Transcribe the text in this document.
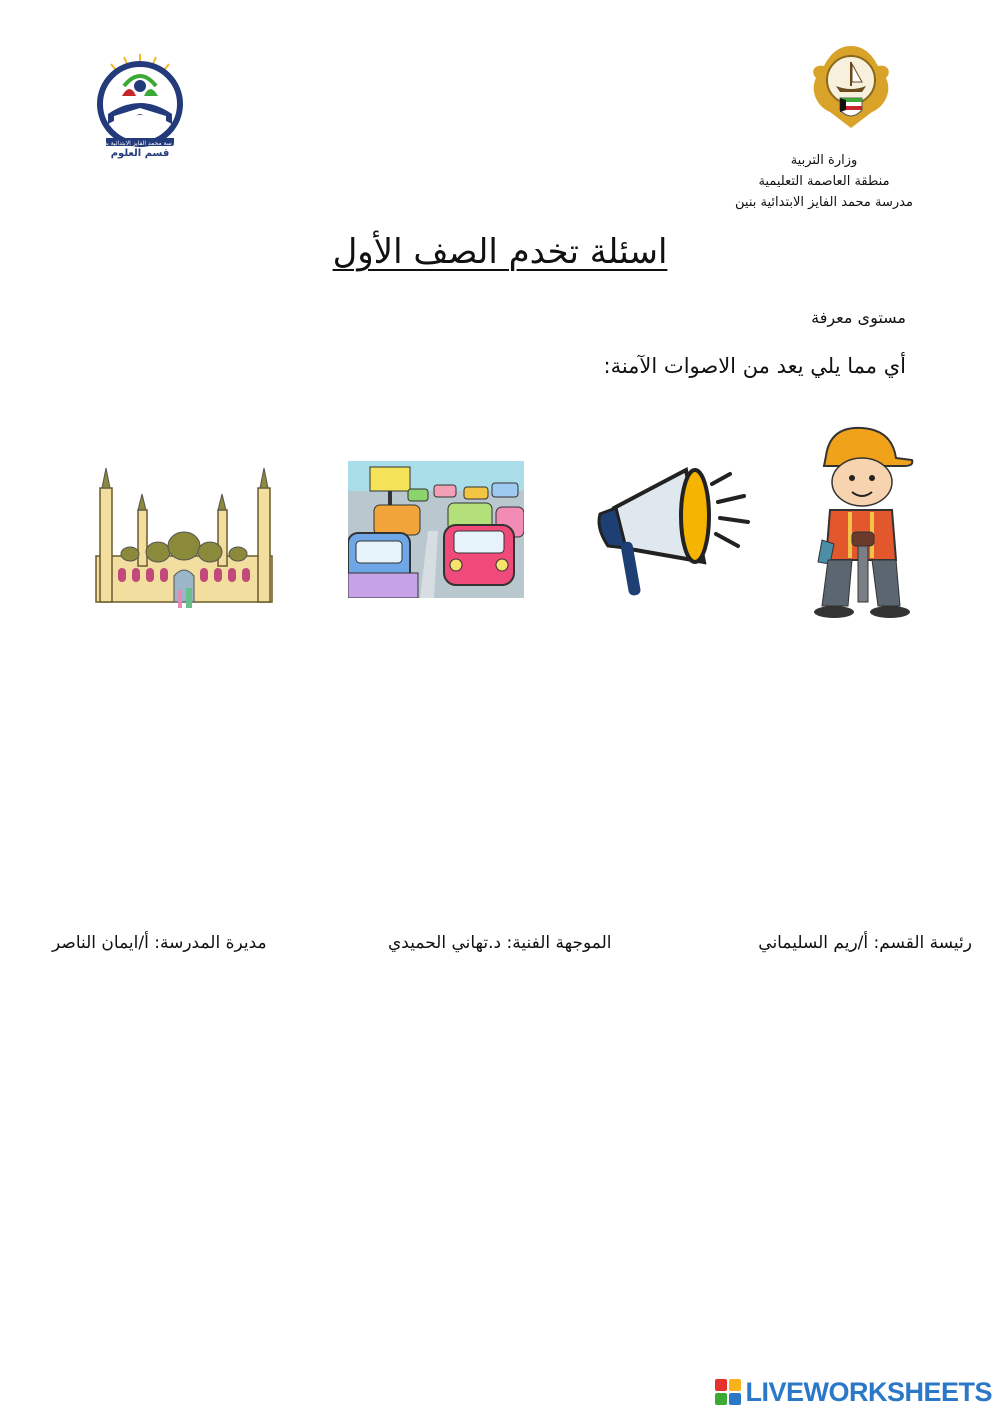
مدرسة محمد الفايز الابتدائية بنين
قسم العلوم	وزارة التربية
منطقة العاصمة التعليمية
مدرسة محمد الفايز الابتدائية بنين
اسئلة تخدم الصف الأول
مستوى معرفة
أي مما يلي يعد من الاصوات الآمنة:
رئيسة القسم: أ/ريم السليماني
الموجهة الفنية: د.تهاني الحميدي
مديرة المدرسة: أ/ايمان الناصر
LIVEWORKSHEETS
